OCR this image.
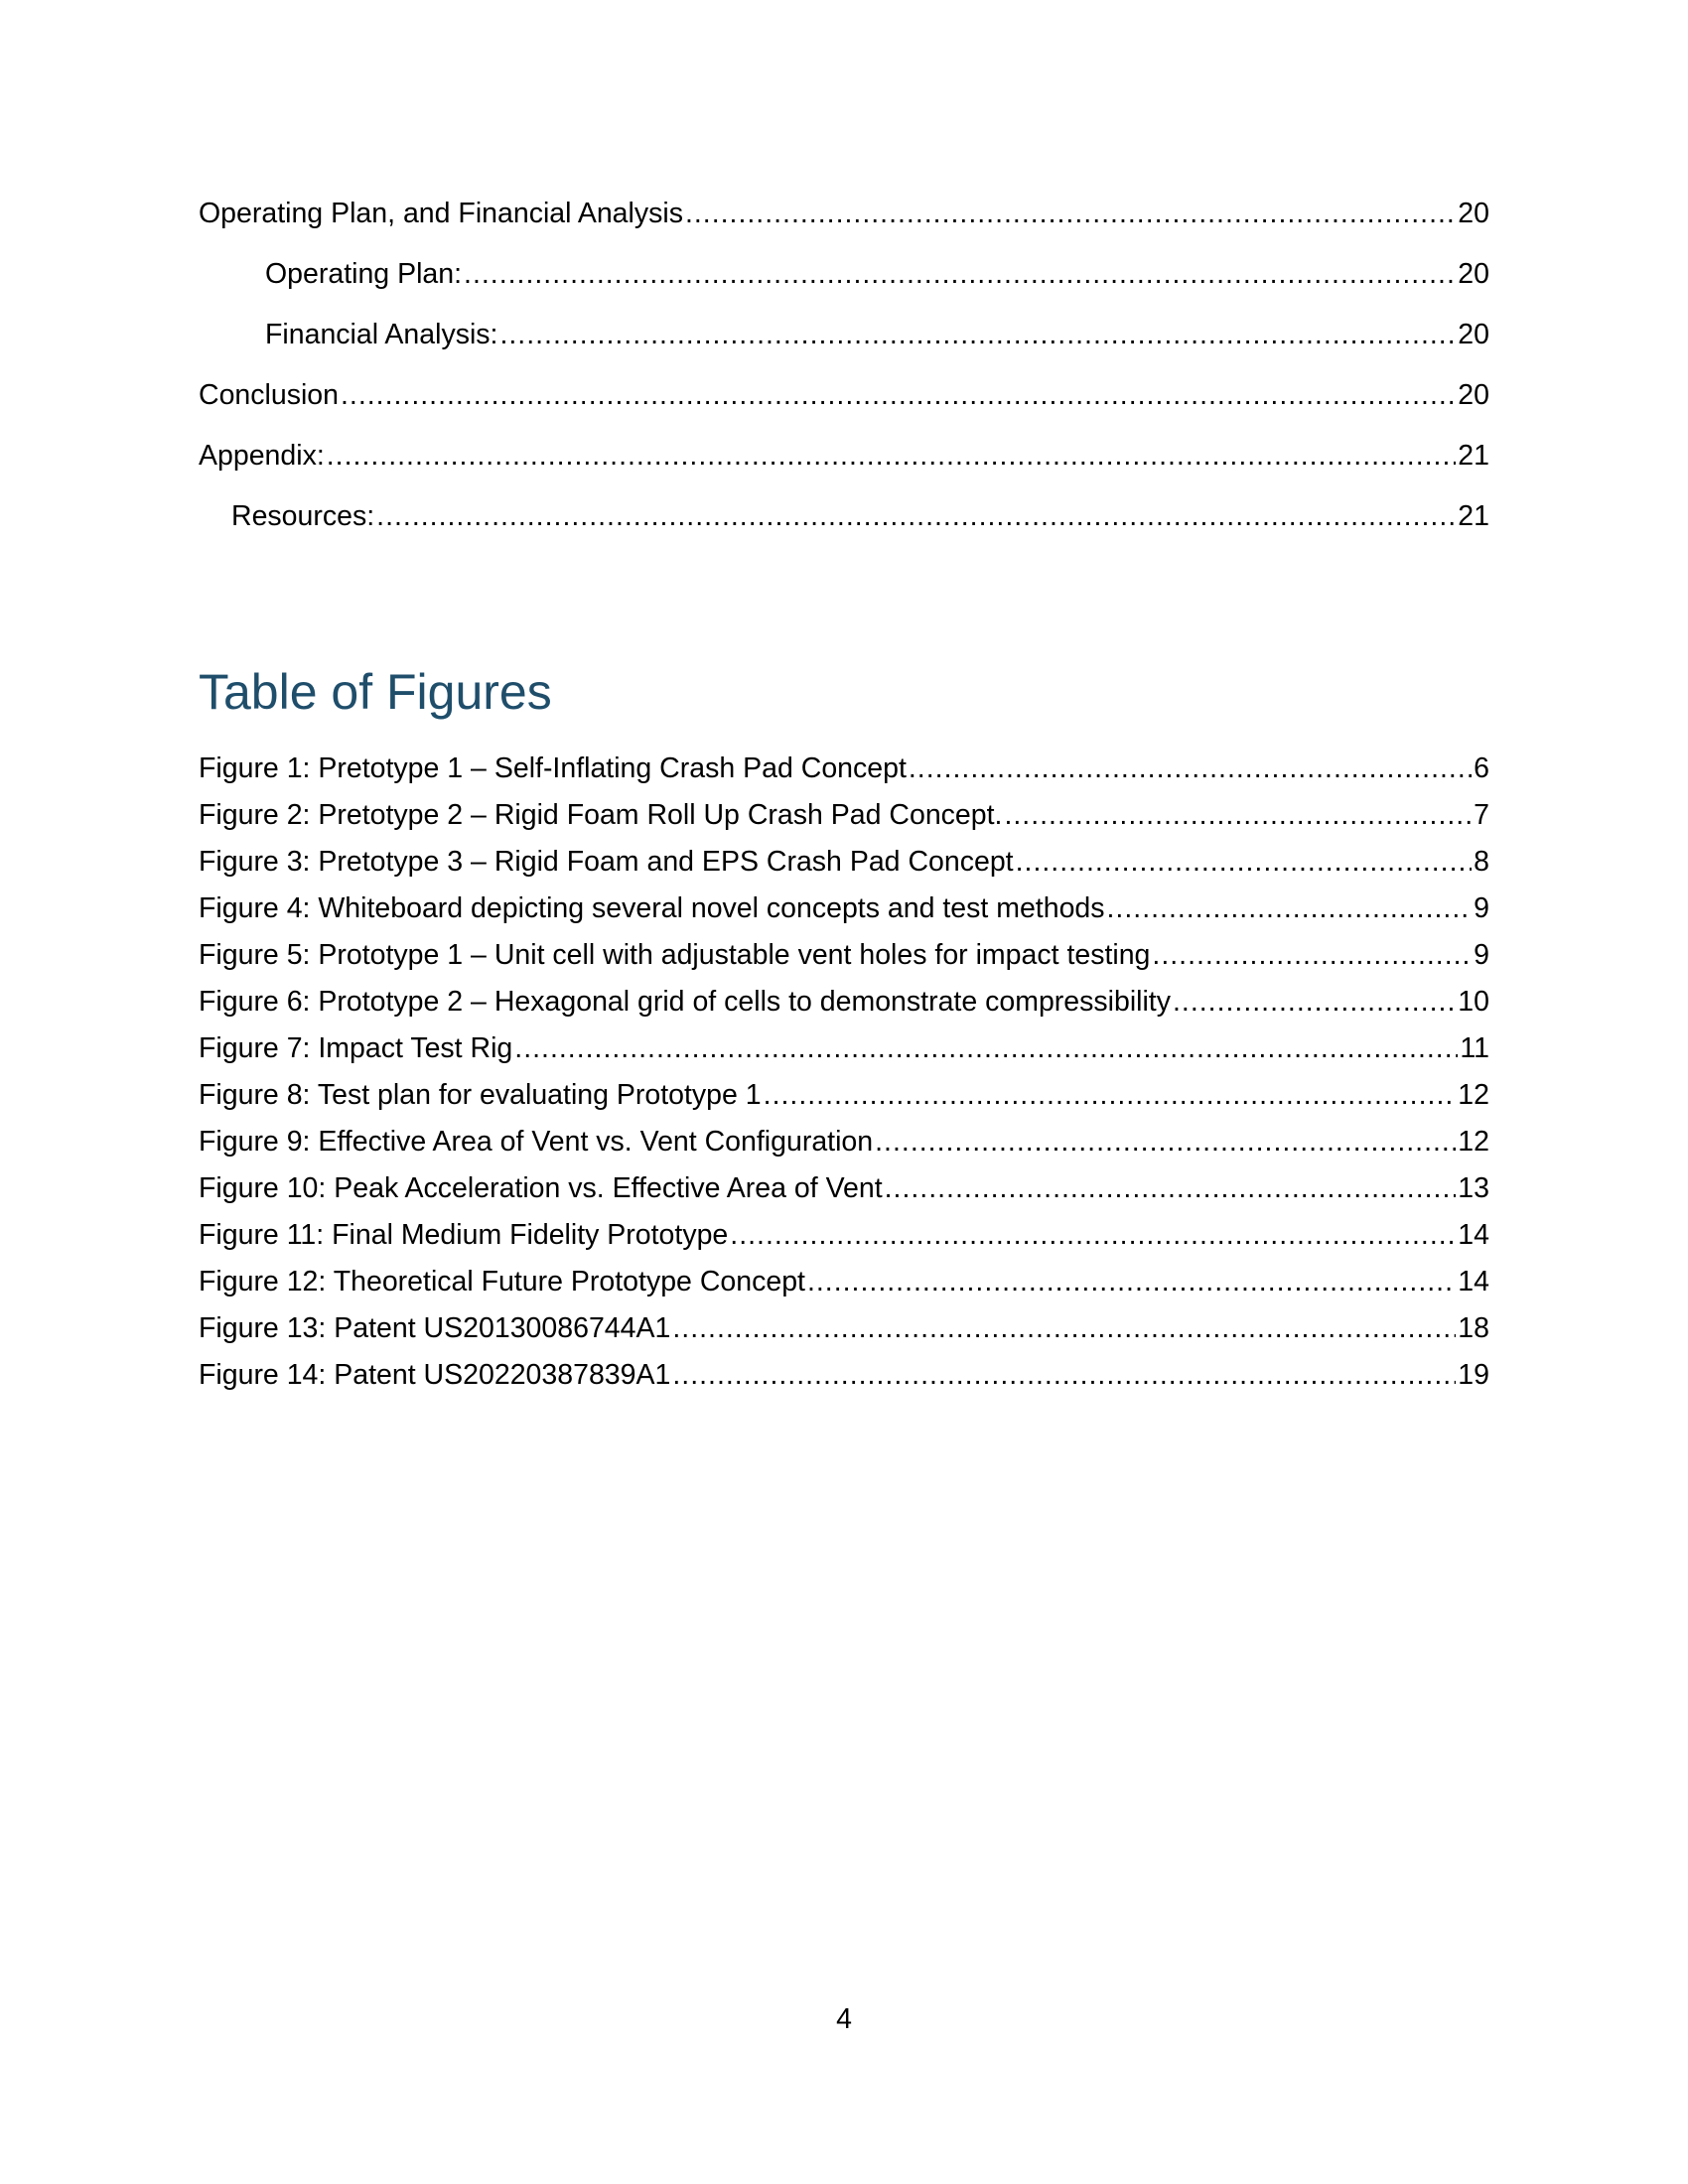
Operating Plan, and Financial Analysis .....	20
Operating Plan: .....	20
Financial Analysis: .....	20
Conclusion .....	20
Appendix: .....	21
Resources: .....	21
Table of Figures
Figure 1: Pretotype 1 – Self-Inflating Crash Pad Concept .....	6
Figure 2: Pretotype 2 – Rigid Foam Roll Up Crash Pad Concept. .....	7
Figure 3: Pretotype 3 – Rigid Foam and EPS Crash Pad Concept .....	8
Figure 4: Whiteboard depicting several novel concepts and test methods .....	9
Figure 5: Prototype 1 – Unit cell with adjustable vent holes for impact testing .....	9
Figure 6: Prototype 2 – Hexagonal grid of cells to demonstrate compressibility .....	10
Figure 7: Impact Test Rig .....	11
Figure 8: Test plan for evaluating Prototype 1 .....	12
Figure 9: Effective Area of Vent vs. Vent Configuration .....	12
Figure 10: Peak Acceleration vs. Effective Area of Vent .....	13
Figure 11: Final Medium Fidelity Prototype .....	14
Figure 12: Theoretical Future Prototype Concept .....	14
Figure 13: Patent US20130086744A1 .....	18
Figure 14: Patent US20220387839A1 .....	19
4
